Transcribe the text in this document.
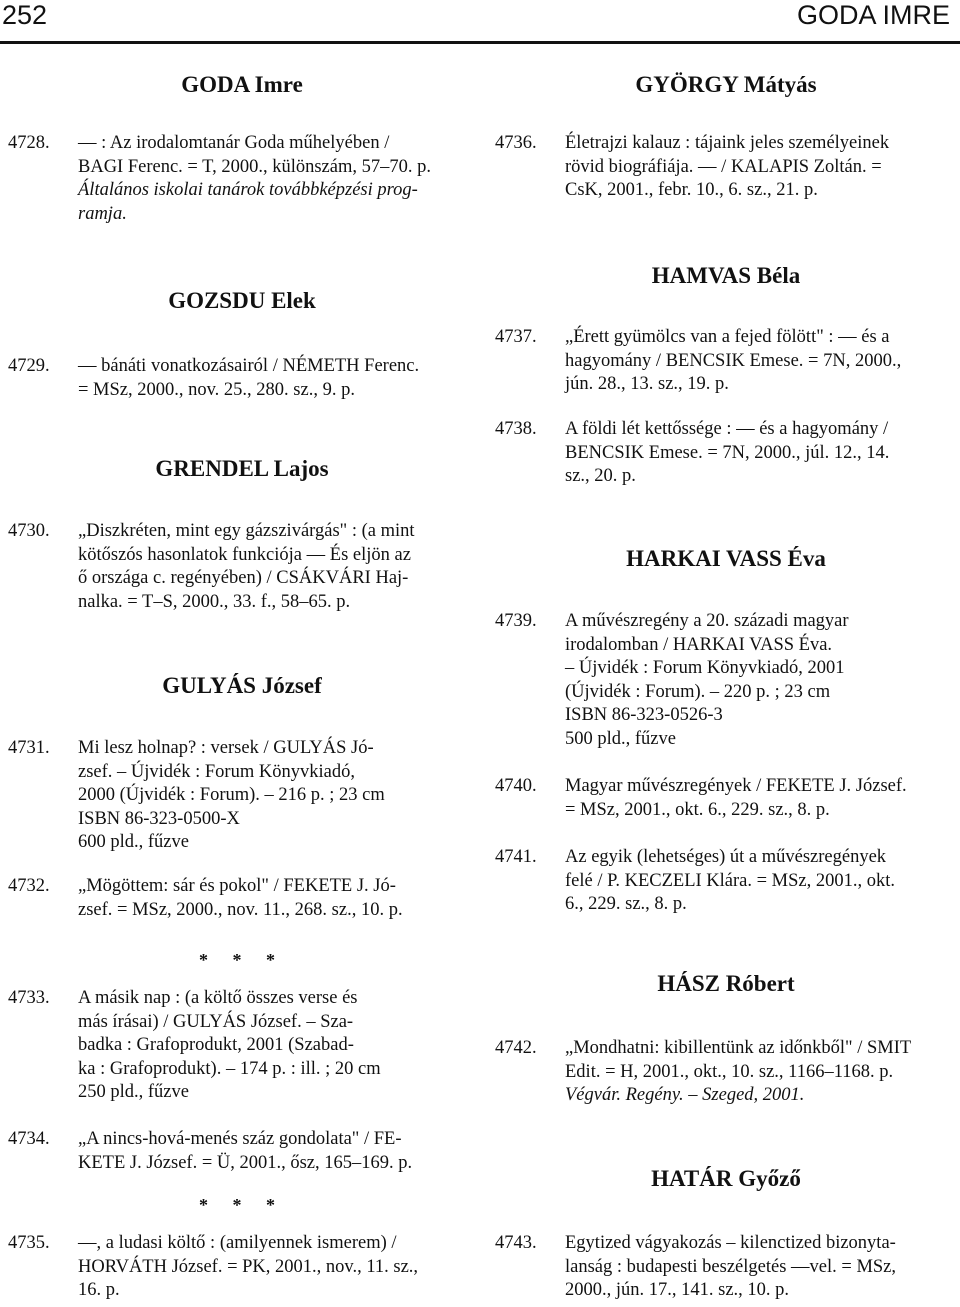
252	GODA IMRE
GODA Imre
4728. — : Az irodalomtanár Goda műhelyében /
BAGI Ferenc. = T, 2000., különszám, 57–70. p.
Általános iskolai tanárok továbbképzési prog-
ramja.
GOZSDU Elek
4729. — bánáti vonatkozásairól / NÉMETH Ferenc.
= MSz, 2000., nov. 25., 280. sz., 9. p.
GRENDEL Lajos
4730. „Diszkréten, mint egy gázszivárgás" : (a mint
kötőszós hasonlatok funkciója — És eljön az
ő országa c. regényében) / CSÁKVÁRI Haj-
nalka. = T–S, 2000., 33. f., 58–65. p.
GULYÁS József
4731. Mi lesz holnap? : versek / GULYÁS Jó-
zsef. – Újvidék : Forum Könyvkiadó,
2000 (Újvidék : Forum). – 216 p. ; 23 cm
ISBN 86-323-0500-X
600 pld., fűzve
4732. „Mögöttem: sár és pokol" / FEKETE J. Jó-
zsef. = MSz, 2000., nov. 11., 268. sz., 10. p.
* * *
4733. A másik nap : (a költő összes verse és
más írásai) / GULYÁS József. – Sza-
badka : Grafoprodukt, 2001 (Szabad-
ka : Grafoprodukt). – 174 p. : ill. ; 20 cm
250 pld., fűzve
4734. „A nincs-hová-menés száz gondolata" / FE-
KETE J. József. = Ü, 2001., ősz, 165–169. p.
* * *
4735. —, a ludasi költő : (amilyennek ismerem) /
HORVÁTH József. = PK, 2001., nov., 11. sz.,
16. p.
GYÖRGY Mátyás
4736. Életrajzi kalauz : tájaink jeles személyeinek
rövid biográfiája. — / KALAPIS Zoltán. =
CsK, 2001., febr. 10., 6. sz., 21. p.
HAMVAS Béla
4737. „Érett gyümölcs van a fejed fölött" : — és a
hagyomány / BENCSIK Emese. = 7N, 2000.,
jún. 28., 13. sz., 19. p.
4738. A földi lét kettőssége : — és a hagyomány /
BENCSIK Emese. = 7N, 2000., júl. 12., 14.
sz., 20. p.
HARKAI VASS Éva
4739. A művészregény a 20. századi magyar
irodalomban / HARKAI VASS Éva.
– Újvidék : Forum Könyvkiadó, 2001
(Újvidék : Forum). – 220 p. ; 23 cm
ISBN 86-323-0526-3
500 pld., fűzve
4740. Magyar művészregények / FEKETE J. József.
= MSz, 2001., okt. 6., 229. sz., 8. p.
4741. Az egyik (lehetséges) út a művészregények
felé / P. KECZELI Klára. = MSz, 2001., okt.
6., 229. sz., 8. p.
HÁSZ Róbert
4742. „Mondhatni: kibillentünk az időnkből" / SMIT
Edit. = H, 2001., okt., 10. sz., 1166–1168. p.
Végvár. Regény. – Szeged, 2001.
HATÁR Győző
4743. Egytized vágyakozás – kilenctized bizonyta-
lanság : budapesti beszélgetés —vel. = MSz,
2000., jún. 17., 141. sz., 10. p.
